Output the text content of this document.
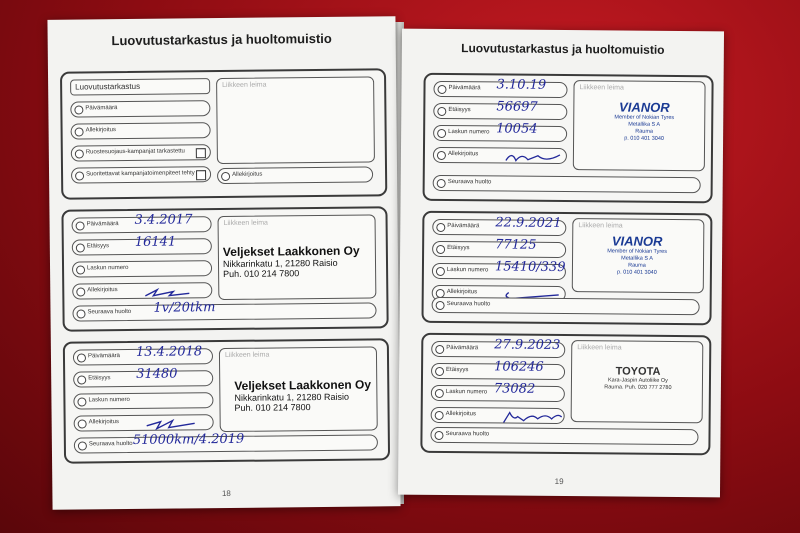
Luovutustarkastus ja huoltomuistio
Luovutustarkastus
Päivämäärä
Allekirjoitus
Ruostesuojaus-kampanjat tarkastettu
Suoritettavat kampanjatoimenpiteet tehty
Liikkeen leima
Allekirjoitus
Päivämäärä 3.4.2017
Etäisyys 16141
Laskun numero
Allekirjoitus
Seuraava huolto 1v/20tkm
Liikkeen leima
Veljekset Laakkonen Oy
Nikkarinkatu 1, 21280 Raisio
Puh. 010 214 7800
Päivämäärä 13.4.2018
Etäisyys 31480
Laskun numero
Allekirjoitus
Seuraava huolto 51000km/4.2019
Liikkeen leima
Veljekset Laakkonen Oy
Nikkarinkatu 1, 21280 Raisio
Puh. 010 214 7800
18
Luovutustarkastus ja huoltomuistio
Päivämäärä 3.10.19
Etäisyys 56697
Laskun numero 10054
Allekirjoitus
Seuraava huolto
Liikkeen leima
VIANOR
Member of Nokian Tyres
Metallika S A
Rauma
p. 010 401 3040
Päivämäärä 22.9.2021
Etäisyys 77125
Laskun numero 15410/339
Allekirjoitus
Seuraava huolto
Liikkeen leima
VIANOR
Member of Nokian Tyres
Metallika S A
Rauma
p. 010 401 3040
Päivämäärä 27.9.2023
Etäisyys 106246
Laskun numero 73082
Allekirjoitus
Seuraava huolto
Liikkeen leima
TOYOTA
Kara-Jaspin Autoliike Oy
Rauma. Puh. 020 777 2780
19
